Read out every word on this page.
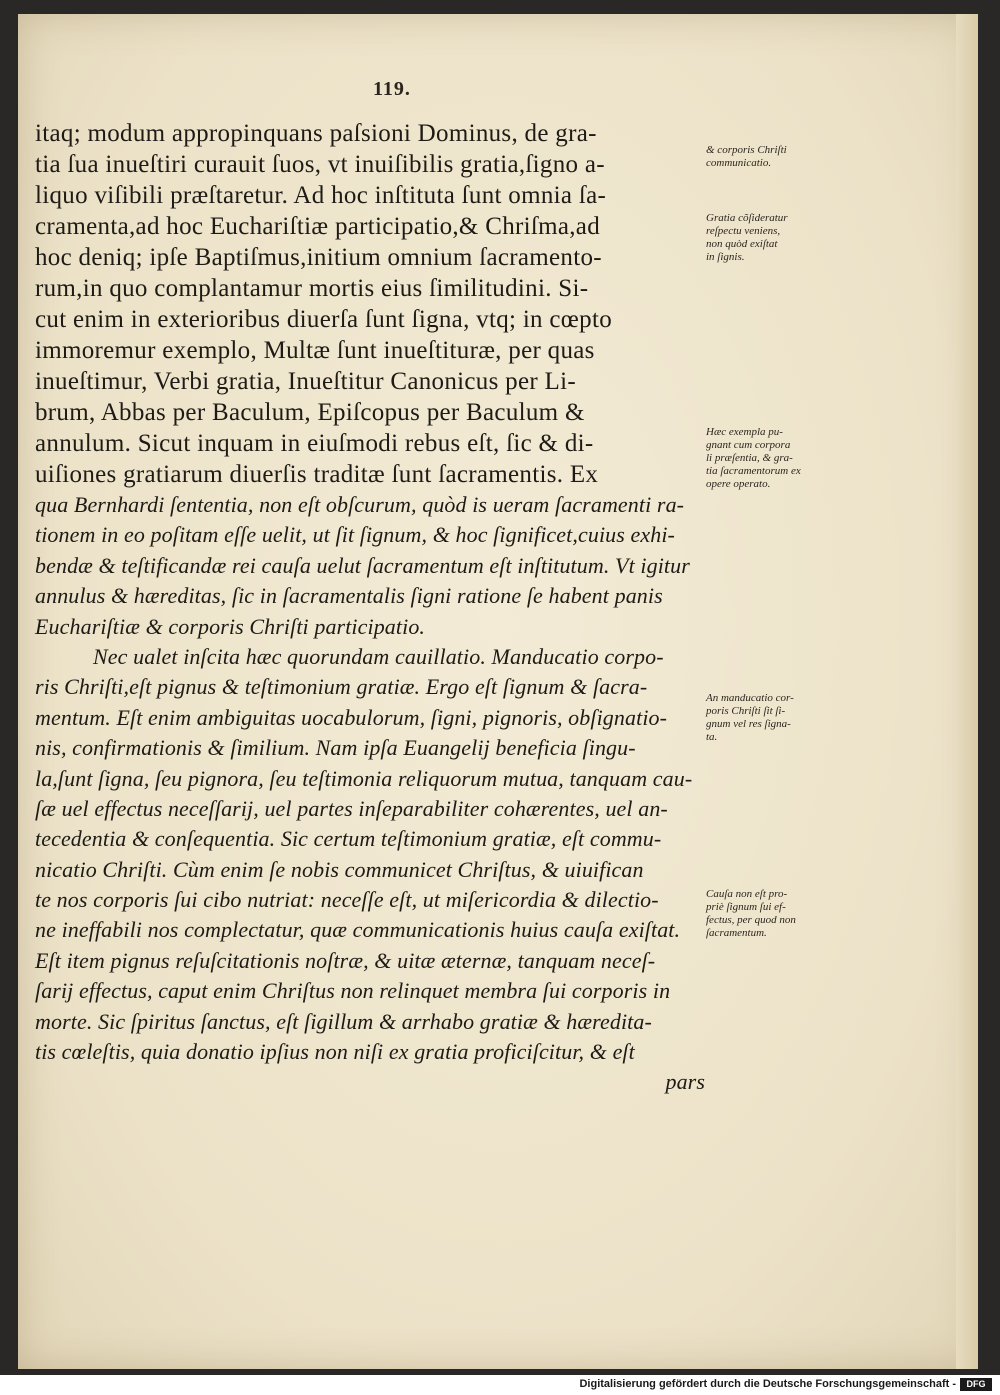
119.
itaq; modum appropinquans paſsioni Dominus, de gra-
tia ſua inueſtiri curauit ſuos, vt inuiſibilis gratia,ſigno a-
liquo viſibili præſtaretur. Ad hoc inſtituta ſunt omnia ſa-
cramenta,ad hoc Euchariſtiæ participatio,& Chriſma,ad
hoc deniq; ipſe Baptiſmus,initium omnium ſacramento-
rum,in quo complantamur mortis eius ſimilitudini. Si-
cut enim in exterioribus diuerſa ſunt ſigna, vtq; in cœpto
immoremur exemplo, Multæ ſunt inueſtituræ, per quas
inueſtimur, Verbi gratia, Inueſtitur Canonicus per Li-
brum, Abbas per Baculum, Epiſcopus per Baculum &
annulum. Sicut inquam in eiuſmodi rebus eſt, ſic & di-
uiſiones gratiarum diuerſis traditæ ſunt ſacramentis. Ex
qua Bernhardi ſententia, non eſt obſcurum, quòd is ueram ſacramenti ra-
tionem in eo poſitam eſſe uelit, ut ſit ſignum, & hoc ſignificet,cuius exhi-
bendæ & teſtificandæ rei cauſa uelut ſacramentum eſt inſtitutum. Vt igitur
annulus & hæreditas, ſic in ſacramentalis ſigni ratione ſe habent panis
Euchariſtiæ & corporis Chriſti participatio.
Nec ualet inſcita hæc quorundam cauillatio. Manducatio corpo-
ris Chriſti,eſt pignus & teſtimonium gratiæ. Ergo eſt ſignum & ſacra-
mentum. Eſt enim ambiguitas uocabulorum, ſigni, pignoris, obſignatio-
nis, confirmationis & ſimilium. Nam ipſa Euangelij beneficia ſingu-
la,ſunt ſigna, ſeu pignora, ſeu teſtimonia reliquorum mutua, tanquam cau-
ſæ uel effectus neceſſarij, uel partes inſeparabiliter cohærentes, uel an-
tecedentia & conſequentia. Sic certum teſtimonium gratiæ, eſt commu-
nicatio Chriſti. Cùm enim ſe nobis communicet Chriſtus, & uiuifican
te nos corporis ſui cibo nutriat: neceſſe eſt, ut miſericordia & dilectio-
ne ineffabili nos complectatur, quæ communicationis huius cauſa exiſtat.
Eſt item pignus reſuſcitationis noſtræ, & uitæ æternæ, tanquam neceſ-
ſarij effectus, caput enim Chriſtus non relinquet membra ſui corporis in
morte. Sic ſpiritus ſanctus, eſt ſigillum & arrhabo gratiæ & hæredita-
tis cœleſtis, quia donatio ipſius non niſi ex gratia proficiſcitur, & eſt
pars
& corporis Chriſti
communicatio.
Gratia cõſideratur
reſpectu veniens,
non quòd exiſtat
in ſignis.
Hæc exempla pu-
gnant cum corpora
li præſentia, & gra-
tia ſacramentorum ex
opere operato.
An manducatio cor-
poris Chriſti ſit ſi-
gnum vel res ſigna-
ta.
Cauſa non eſt pro-
priè ſignum ſui ef-
fectus, per quod non
ſacramentum.
Digitalisierung gefördert durch die Deutsche Forschungsgemeinschaft -	DFG
